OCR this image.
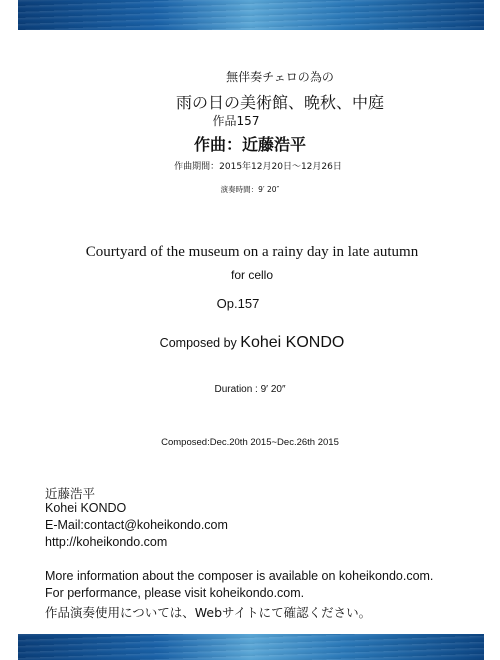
無伴奏チェロの為の
雨の日の美術館、晩秋、中庭
作品157
作曲：近藤浩平
作曲期間：2015年12月20日〜12月26日
演奏時間：9′ 20″
Courtyard of the museum on a rainy day in late autumn
for cello
Op.157
Composed by Kohei KONDO
Duration : 9′ 20″
Composed:Dec.20th 2015~Dec.26th 2015
近藤浩平
Kohei KONDO
E-Mail:contact@koheikondo.com
http://koheikondo.com
More information about the composer is available on koheikondo.com.
For performance, please visit koheikondo.com.
作品演奏使用については、Webサイトにて確認ください。
